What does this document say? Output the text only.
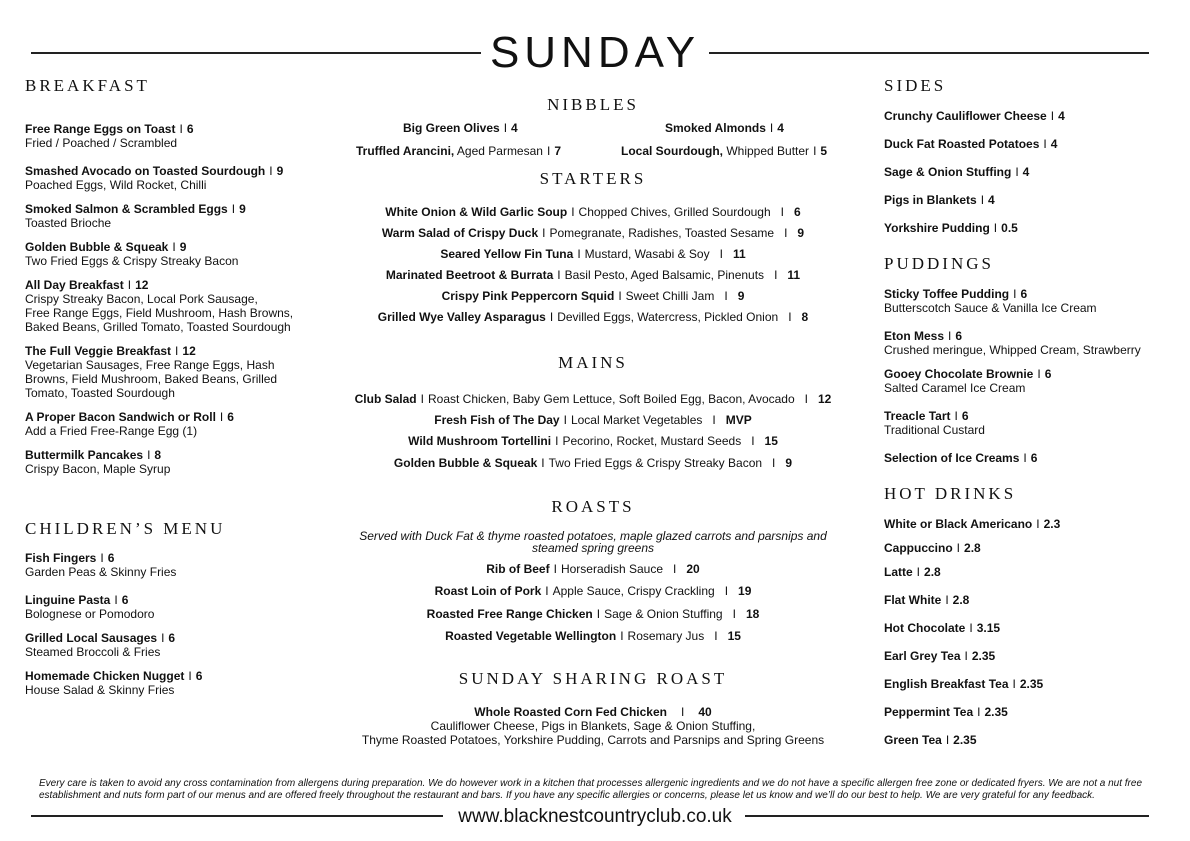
SUNDAY
BREAKFAST
Free Range Eggs on Toast I 6
Fried / Poached / Scrambled
Smashed Avocado on Toasted Sourdough I 9
Poached Eggs, Wild Rocket, Chilli
Smoked Salmon & Scrambled Eggs I 9
Toasted Brioche
Golden Bubble & Squeak I 9
Two Fried Eggs & Crispy Streaky Bacon
All Day Breakfast I 12
Crispy Streaky Bacon, Local Pork Sausage,
Free Range Eggs, Field Mushroom, Hash Browns,
Baked Beans, Grilled Tomato, Toasted Sourdough
The Full Veggie Breakfast I 12
Vegetarian Sausages, Free Range Eggs, Hash
Browns, Field Mushroom, Baked Beans, Grilled
Tomato, Toasted Sourdough
A Proper Bacon Sandwich or Roll I 6
Add a Fried Free-Range Egg (1)
Buttermilk Pancakes I 8
Crispy Bacon, Maple Syrup
CHILDREN’S MENU
Fish Fingers I 6
Garden Peas & Skinny Fries
Linguine Pasta I 6
Bolognese or Pomodoro
Grilled Local Sausages I 6
Steamed Broccoli & Fries
Homemade Chicken Nugget I 6
House Salad & Skinny Fries
NIBBLES
Big Green Olives I 4	Smoked Almonds I 4
Truffled Arancini, Aged Parmesan I 7	Local Sourdough, Whipped Butter I 5
STARTERS
White Onion & Wild Garlic Soup I Chopped Chives, Grilled Sourdough I 6
Warm Salad of Crispy Duck I Pomegranate, Radishes, Toasted Sesame I 9
Seared Yellow Fin Tuna I Mustard, Wasabi & Soy I 11
Marinated Beetroot & Burrata I Basil Pesto, Aged Balsamic, Pinenuts I 11
Crispy Pink Peppercorn Squid I Sweet Chilli Jam I 9
Grilled Wye Valley Asparagus I Devilled Eggs, Watercress, Pickled Onion I 8
MAINS
Club Salad I Roast Chicken, Baby Gem Lettuce, Soft Boiled Egg, Bacon, Avocado I 12
Fresh Fish of The Day I Local Market Vegetables I MVP
Wild Mushroom Tortellini I Pecorino, Rocket, Mustard Seeds I 15
Golden Bubble & Squeak I Two Fried Eggs & Crispy Streaky Bacon I 9
ROASTS
Served with Duck Fat & thyme roasted potatoes, maple glazed carrots and parsnips and
steamed spring greens
Rib of Beef I Horseradish Sauce I 20
Roast Loin of Pork I Apple Sauce, Crispy Crackling I 19
Roasted Free Range Chicken I Sage & Onion Stuffing I 18
Roasted Vegetable Wellington I Rosemary Jus I 15
SUNDAY SHARING ROAST
Whole Roasted Corn Fed Chicken I 40
Cauliflower Cheese, Pigs in Blankets, Sage & Onion Stuffing,
Thyme Roasted Potatoes, Yorkshire Pudding, Carrots and Parsnips and Spring Greens
SIDES
PUDDINGS
HOT DRINKS
Crunchy Cauliflower Cheese I 4
Duck Fat Roasted Potatoes I 4
Sage & Onion Stuffing I 4
Pigs in Blankets I 4
Yorkshire Pudding I 0.5
Sticky Toffee Pudding I 6
Butterscotch Sauce & Vanilla Ice Cream
Eton Mess I 6
Crushed meringue, Whipped Cream, Strawberry
Gooey Chocolate Brownie I 6
Salted Caramel Ice Cream
Treacle Tart I 6
Traditional Custard
Selection of Ice Creams I 6
White or Black Americano I 2.3
Cappuccino I 2.8
Latte I 2.8
Flat White I 2.8
Hot Chocolate I 3.15
Earl Grey Tea I 2.35
English Breakfast Tea I 2.35
Peppermint Tea I 2.35
Green Tea I 2.35
Every care is taken to avoid any cross contamination from allergens during preparation. We do however work in a kitchen that processes allergenic ingredients and we do not have a specific allergen free zone or dedicated fryers. We are not a nut free
establishment and nuts form part of our menus and are offered freely throughout the restaurant and bars. If you have any specific allergies or concerns, please let us know and we’ll do our best to help. We are very grateful for any feedback.
www.blacknestcountryclub.co.uk
